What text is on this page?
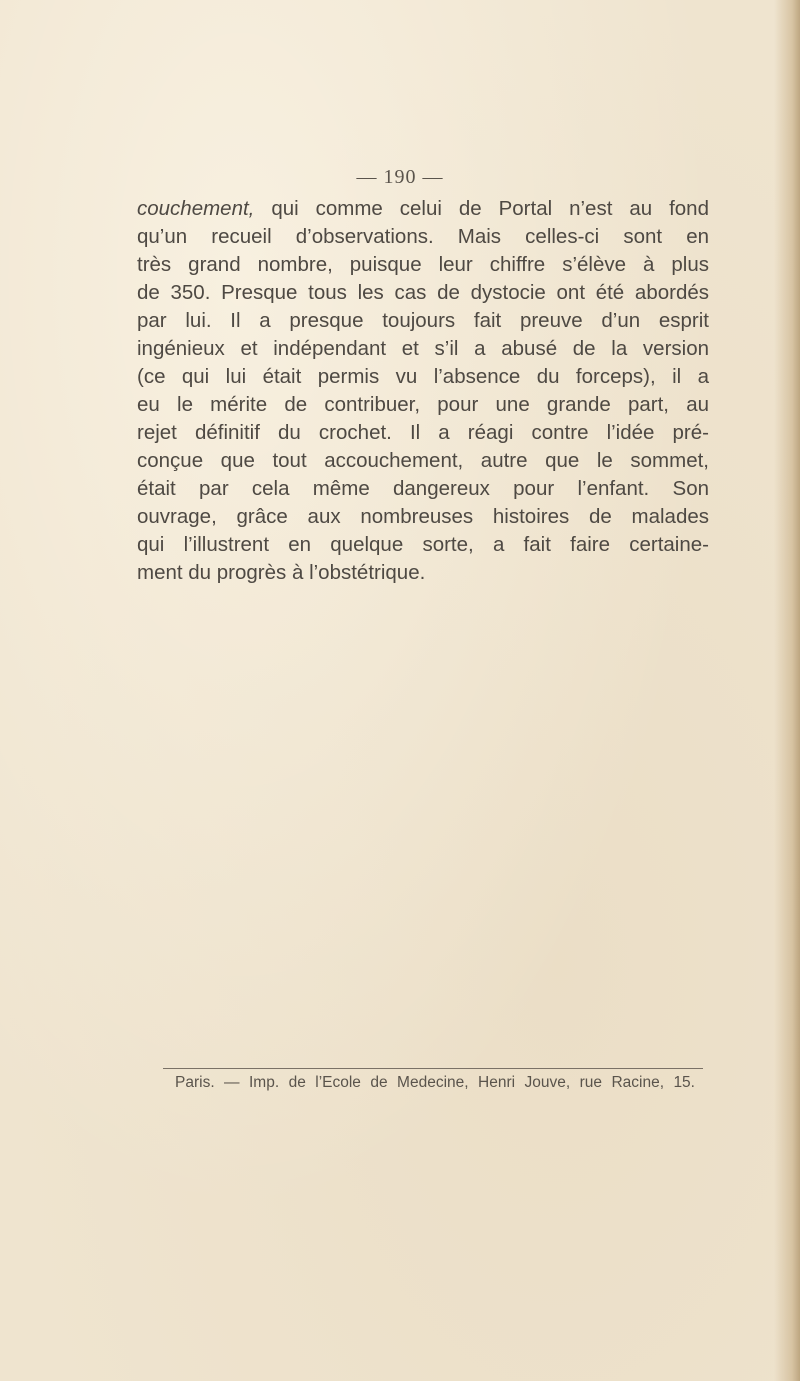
— 190 —
couchement, qui comme celui de Portal n’est au fond
qu’un recueil d’observations. Mais celles-ci sont en
très grand nombre, puisque leur chiffre s’élève à plus
de 350. Presque tous les cas de dystocie ont été abordés
par lui. Il a presque toujours fait preuve d’un esprit
ingénieux et indépendant et s’il a abusé de la version
(ce qui lui était permis vu l’absence du forceps), il a
eu le mérite de contribuer, pour une grande part, au
rejet définitif du crochet. Il a réagi contre l’idée pré-
conçue que tout accouchement, autre que le sommet,
était par cela même dangereux pour l’enfant. Son
ouvrage, grâce aux nombreuses histoires de malades
qui l’illustrent en quelque sorte, a fait faire certaine-
ment du progrès à l’obstétrique.
Paris. — Imp. de l’Ecole de Medecine, Henri Jouve, rue Racine, 15.
